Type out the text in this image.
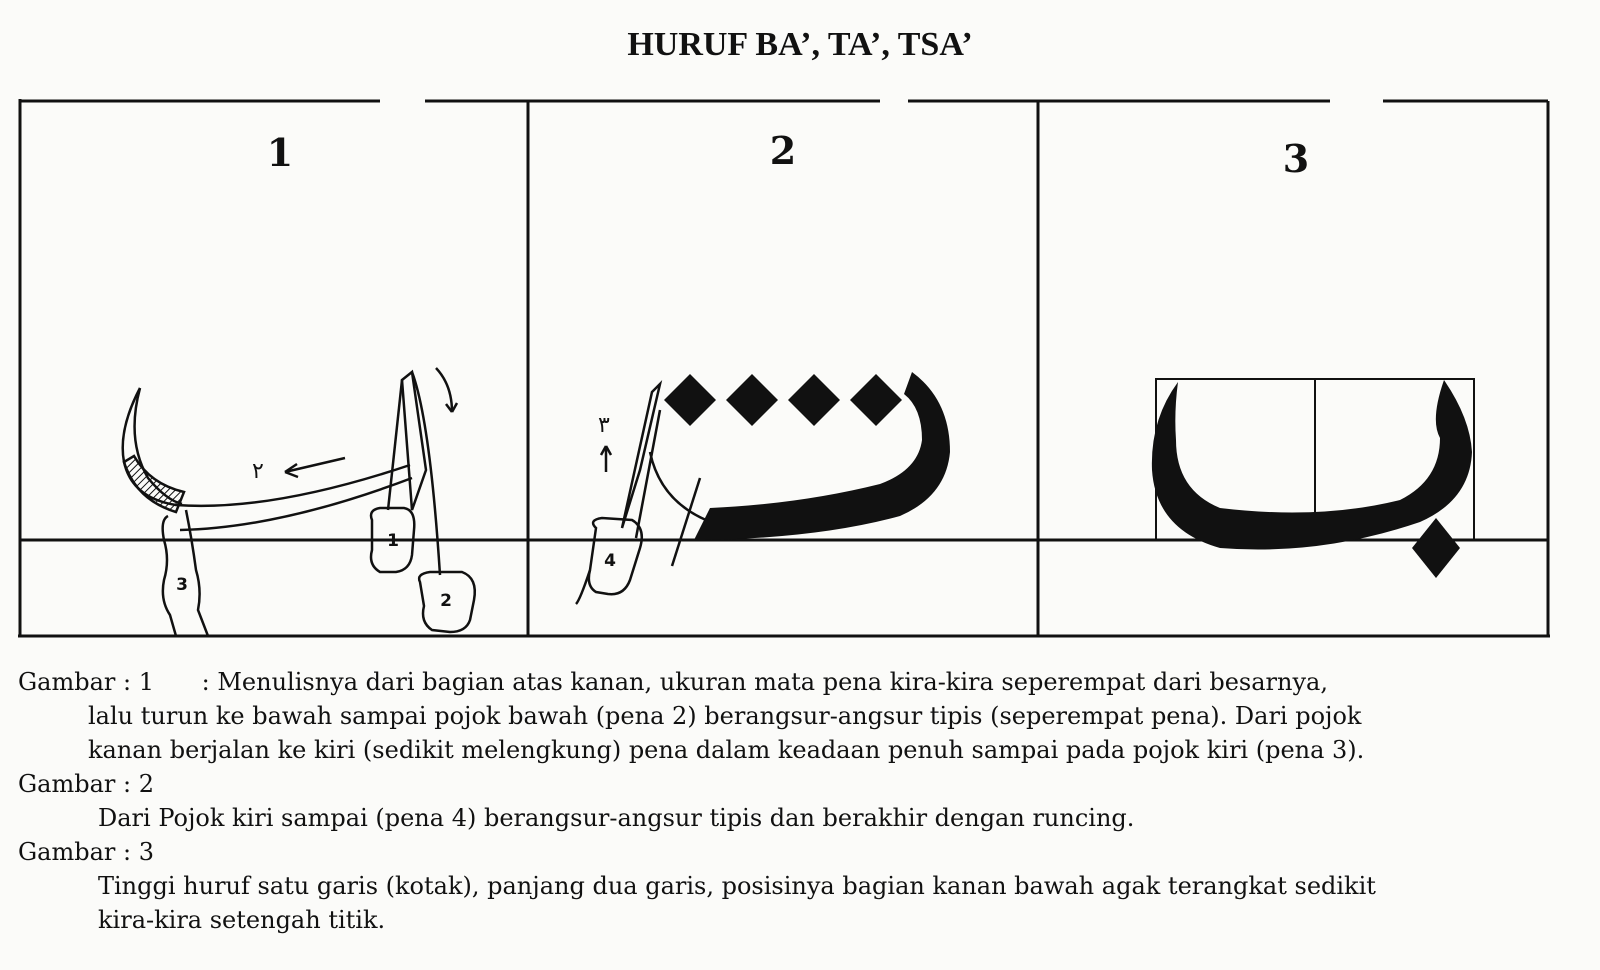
HURUF BA’, TA’, TSA’
1	2	3
٢
1
2
3
٣
4
Gambar : 1 : Menulisnya dari bagian atas kanan, ukuran mata pena kira-kira seperempat dari besarnya,
lalu turun ke bawah sampai pojok bawah (pena 2) berangsur-angsur tipis (seperempat pena). Dari pojok
kanan berjalan ke kiri (sedikit melengkung) pena dalam keadaan penuh sampai pada pojok kiri (pena 3).
Gambar : 2
Dari Pojok kiri sampai (pena 4) berangsur-angsur tipis dan berakhir dengan runcing.
Gambar : 3
Tinggi huruf satu garis (kotak), panjang dua garis, posisinya bagian kanan bawah agak terangkat sedikit
kira-kira setengah titik.
